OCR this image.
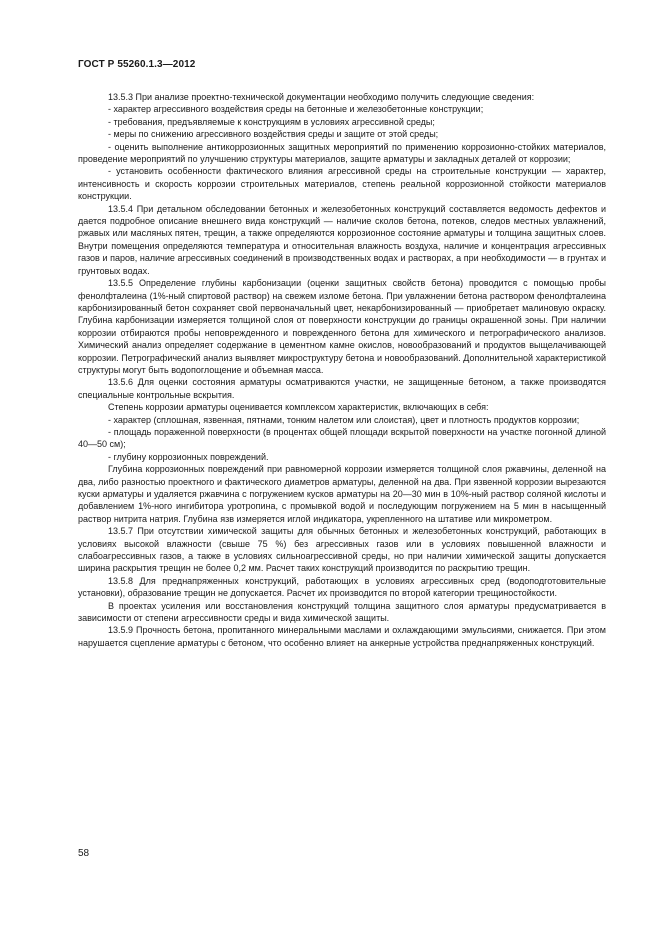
ГОСТ Р 55260.1.3—2012

13.5.3 При анализе проектно-технической документации необходимо получить следующие сведения:

- характер агрессивного воздействия среды на бетонные и железобетонные конструкции;

- требования, предъявляемые к конструкциям в условиях агрессивной среды;

- меры по снижению агрессивного воздействия среды и защите от этой среды;

- оценить выполнение антикоррозионных защитных мероприятий по применению коррозионно-стойких материалов, проведение мероприятий по улучшению структуры материалов, защите арматуры и закладных деталей от коррозии;

- установить особенности фактического влияния агрессивной среды на строительные конструкции — характер, интенсивность и скорость коррозии строительных материалов, степень реальной коррозионной стойкости материалов конструкции.

13.5.4 При детальном обследовании бетонных и железобетонных конструкций составляется ведомость дефектов и дается подробное описание внешнего вида конструкций — наличие сколов бетона, потеков, следов местных увлажнений, ржавых или масляных пятен, трещин, а также определяются коррозионное состояние арматуры и толщина защитных слоев. Внутри помещения определяются температура и относительная влажность воздуха, наличие и концентрация агрессивных газов и паров, наличие агрессивных соединений в производственных водах и растворах, а при необходимости — в грунтах и грунтовых водах.

13.5.5 Определение глубины карбонизации (оценки защитных свойств бетона) проводится с помощью пробы фенолфталеина (1%-ный спиртовой раствор) на свежем изломе бетона. При увлажнении бетона раствором фенолфталеина карбонизированный бетон сохраняет свой первоначальный цвет, некарбонизированный — приобретает малиновую окраску. Глубина карбонизации измеряется толщиной слоя от поверхности конструкции до границы окрашенной зоны. При наличии коррозии отбираются пробы неповрежденного и поврежденного бетона для химического и петрографического анализов. Химический анализ определяет содержание в цементном камне окислов, новообразований и продуктов выщелачивающей коррозии. Петрографический анализ выявляет микроструктуру бетона и новообразований. Дополнительной характеристикой структуры могут быть водопоглощение и объемная масса.

13.5.6 Для оценки состояния арматуры осматриваются участки, не защищенные бетоном, а также производятся специальные контрольные вскрытия.

Степень коррозии арматуры оценивается комплексом характеристик, включающих в себя:

- характер (сплошная, язвенная, пятнами, тонким налетом или слоистая), цвет и плотность продуктов коррозии;

- площадь пораженной поверхности (в процентах общей площади вскрытой поверхности на участке погонной длиной 40—50 см);

- глубину коррозионных повреждений.

Глубина коррозионных повреждений при равномерной коррозии измеряется толщиной слоя ржавчины, деленной на два, либо разностью проектного и фактического диаметров арматуры, деленной на два. При язвенной коррозии вырезаются куски арматуры и удаляется ржавчина с погружением кусков арматуры на 20—30 мин в 10%-ный раствор соляной кислоты и добавлением 1%-ного ингибитора уротропина, с промывкой водой и последующим погружением на 5 мин в насыщенный раствор нитрита натрия. Глубина язв измеряется иглой индикатора, укрепленного на штативе или микрометром.

13.5.7 При отсутствии химической защиты для обычных бетонных и железобетонных конструкций, работающих в условиях высокой влажности (свыше 75 %) без агрессивных газов или в условиях повышенной влажности и слабоагрессивных газов, а также в условиях сильноагрессивной среды, но при наличии химической защиты допускается ширина раскрытия трещин не более 0,2 мм. Расчет таких конструкций производится по раскрытию трещин.

13.5.8 Для преднапряженных конструкций, работающих в условиях агрессивных сред (водоподготовительные установки), образование трещин не допускается. Расчет их производится по второй категории трещиностойкости.

В проектах усиления или восстановления конструкций толщина защитного слоя арматуры предусматривается в зависимости от степени агрессивности среды и вида химической защиты.

13.5.9 Прочность бетона, пропитанного минеральными маслами и охлаждающими эмульсиями, снижается. При этом нарушается сцепление арматуры с бетоном, что особенно влияет на анкерные устройства преднапряженных конструкций.

58
